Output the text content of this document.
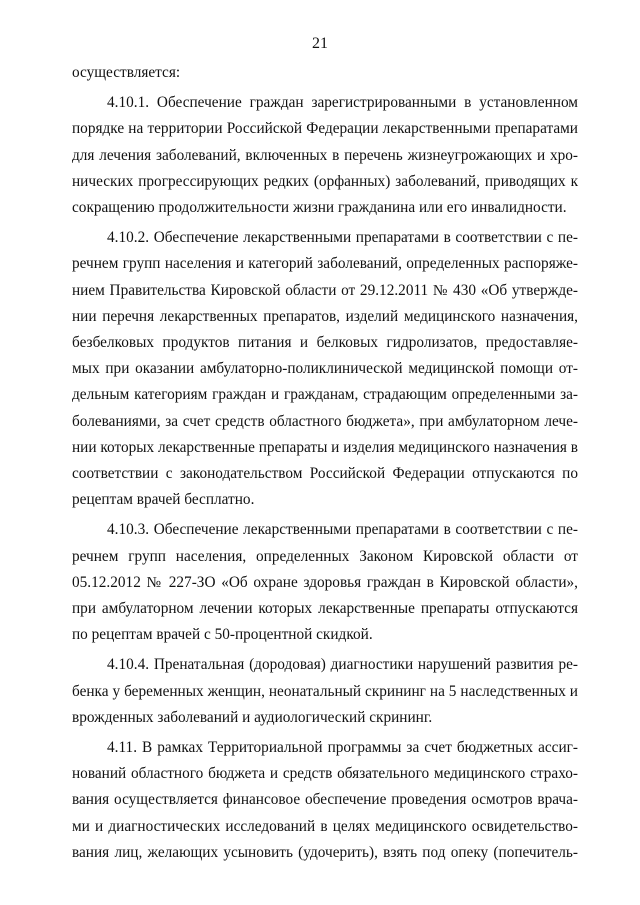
21
осуществляется:
4.10.1. Обеспечение граждан зарегистрированными в установленном
порядке на территории Российской Федерации лекарственными препаратами
для лечения заболеваний, включенных в перечень жизнеугрожающих и хро-
нических прогрессирующих редких (орфанных) заболеваний, приводящих к
сокращению продолжительности жизни гражданина или его инвалидности.
4.10.2. Обеспечение лекарственными препаратами в соответствии с пе-
речнем групп населения и категорий заболеваний, определенных распоряже-
нием Правительства Кировской области от 29.12.2011 № 430 «Об утвержде-
нии перечня лекарственных препаратов, изделий медицинского назначения,
безбелковых продуктов питания и белковых гидролизатов, предоставляе-
мых при оказании амбулаторно-поликлинической медицинской помощи от-
дельным категориям граждан и гражданам, страдающим определенными за-
болеваниями, за счет средств областного бюджета», при амбулаторном лече-
нии которых лекарственные препараты и изделия медицинского назначения в
соответствии с законодательством Российской Федерации отпускаются по
рецептам врачей бесплатно.
4.10.3. Обеспечение лекарственными препаратами в соответствии с пе-
речнем групп населения, определенных Законом Кировской области от
05.12.2012 № 227-ЗО «Об охране здоровья граждан в Кировской области»,
при амбулаторном лечении которых лекарственные препараты отпускаются
по рецептам врачей с 50-процентной скидкой.
4.10.4. Пренатальная (дородовая) диагностики нарушений развития ре-
бенка у беременных женщин, неонатальный скрининг на 5 наследственных и
врожденных заболеваний и аудиологический скрининг.
4.11. В рамках Территориальной программы за счет бюджетных ассиг-
нований областного бюджета и средств обязательного медицинского страхо-
вания осуществляется финансовое обеспечение проведения осмотров врача-
ми и диагностических исследований в целях медицинского освидетельство-
вания лиц, желающих усыновить (удочерить), взять под опеку (попечитель-
